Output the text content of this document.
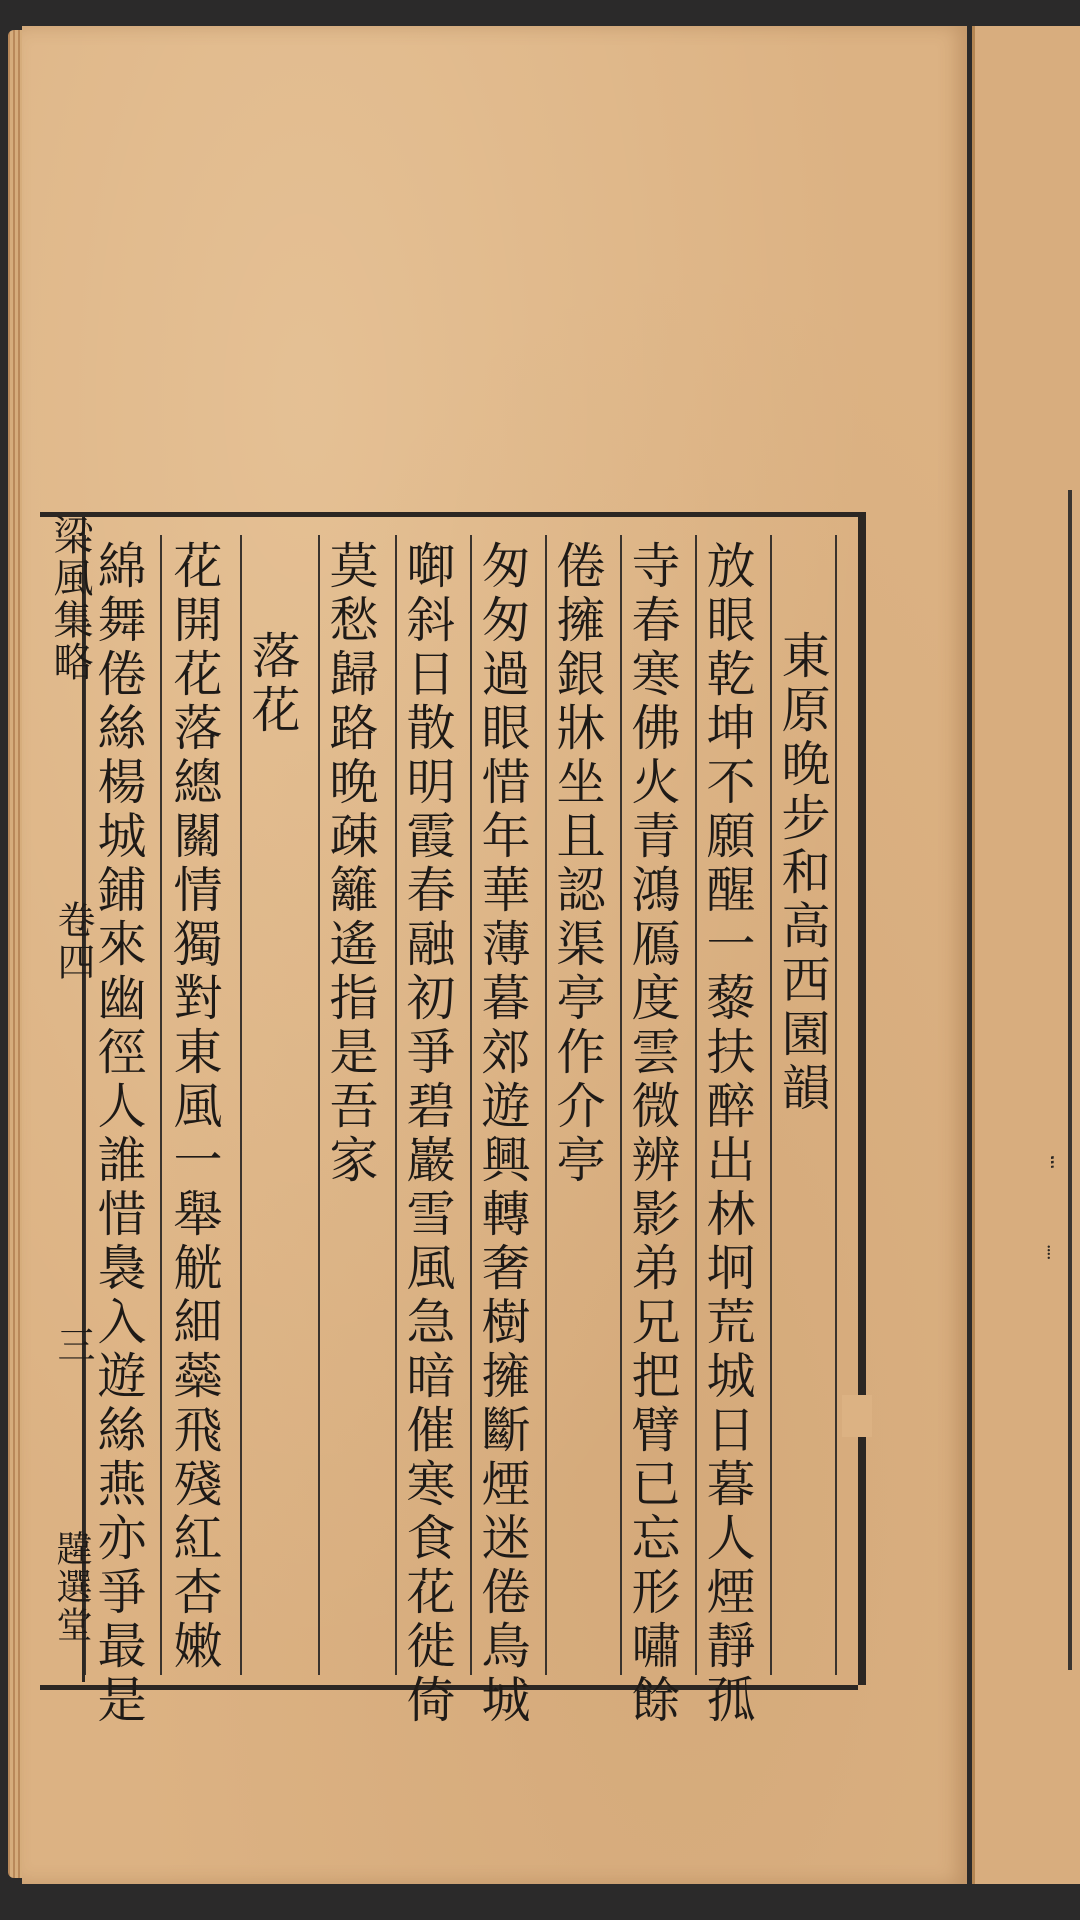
፧
⁞
東原晚步和高西園韻
放眼乾坤不願醒一藜扶醉出林坰荒城日暮人煙靜孤
寺春寒佛火青鴻鴈度雲微辨影弟兄把臂已忘形嘯餘
倦擁銀牀坐且認渠亭作介亭
匆匆過眼惜年華薄暮郊遊興轉奢樹擁斷煙迷倦鳥城
啣斜日散明霞春融初爭碧巖雪風急暗催寒食花徙倚
莫愁歸路晚疎籬遙指是吾家
落花
花開花落總關情獨對東風一舉觥細蘂飛殘紅杏嫩
綿舞倦絲楊城鋪來幽徑人誰惜裊入遊絲燕亦爭最是
梁風集略
卷四
三
韙選堂
